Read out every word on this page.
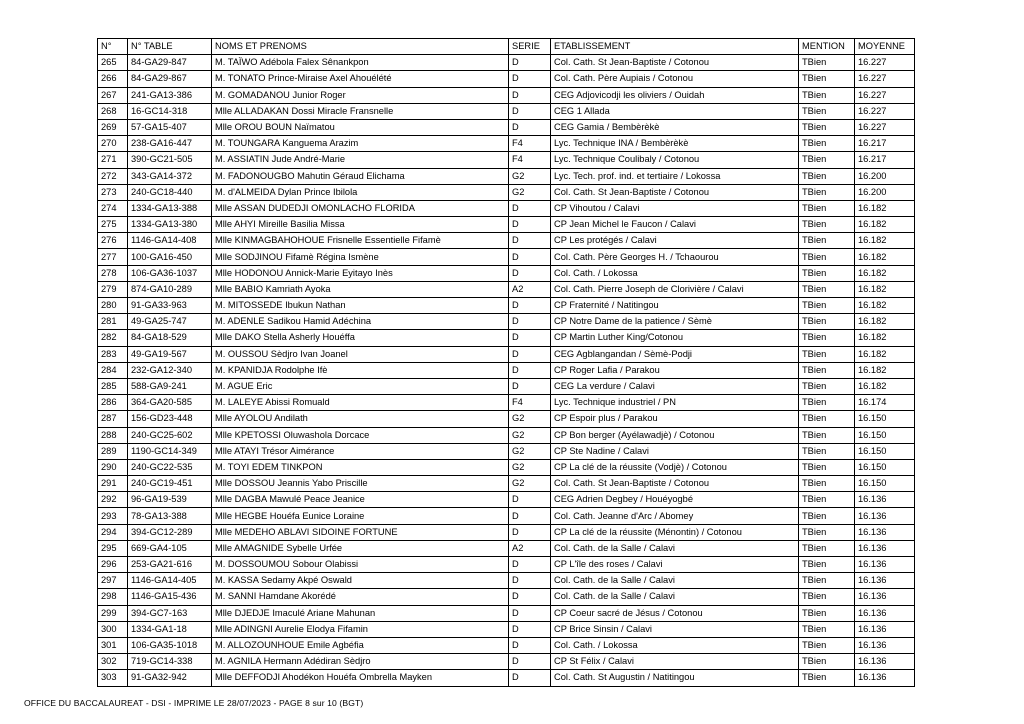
N°	N° TABLE	NOMS ET PRENOMS	SERIE	ETABLISSEMENT	MENTION	MOYENNE
265	84-GA29-847	M. TAÏWO Adébola Falex Sênankpon	D	Col. Cath. St Jean-Baptiste / Cotonou	TBien	16.227
266	84-GA29-867	M. TONATO Prince-Miraise Axel Ahouélété	D	Col. Cath. Père Aupiais / Cotonou	TBien	16.227
267	241-GA13-386	M. GOMADANOU Junior Roger	D	CEG Adjovicodji les oliviers / Ouidah	TBien	16.227
268	16-GC14-318	Mlle ALLADAKAN Dossi Miracle Fransnelle	D	CEG 1 Allada	TBien	16.227
269	57-GA15-407	Mlle OROU BOUN Naïmatou	D	CEG Gamia / Bembèrèkè	TBien	16.227
270	238-GA16-447	M. TOUNGARA Kanguema Arazim	F4	Lyc. Technique INA / Bembèrèkè	TBien	16.217
271	390-GC21-505	M. ASSIATIN Jude André-Marie	F4	Lyc. Technique Coulibaly / Cotonou	TBien	16.217
272	343-GA14-372	M. FADONOUGBO Mahutin Géraud Elichama	G2	Lyc. Tech. prof. ind. et tertiaire / Lokossa	TBien	16.200
273	240-GC18-440	M. d'ALMEIDA Dylan Prince Ibilola	G2	Col. Cath. St Jean-Baptiste / Cotonou	TBien	16.200
274	1334-GA13-388	Mlle ASSAN DUDEDJI OMONLACHO FLORIDA	D	CP Vihoutou / Calavi	TBien	16.182
275	1334-GA13-380	Mlle AHYI Mireille Basilia Missa	D	CP Jean Michel le Faucon / Calavi	TBien	16.182
276	1146-GA14-408	Mlle KINMAGBAHOHOUE Frisnelle Essentielle Fifamè	D	CP Les protégés / Calavi	TBien	16.182
277	100-GA16-450	Mlle SODJINOU Fifamè Régina Ismène	D	Col. Cath. Père Georges H. / Tchaourou	TBien	16.182
278	106-GA36-1037	Mlle HODONOU Annick-Marie Eyitayo Inès	D	Col. Cath. / Lokossa	TBien	16.182
279	874-GA10-289	Mlle BABIO Kamriath Ayoka	A2	Col. Cath. Pierre Joseph de Clorivière / Calavi	TBien	16.182
280	91-GA33-963	M. MITOSSEDE Ibukun Nathan	D	CP Fraternité / Natitingou	TBien	16.182
281	49-GA25-747	M. ADENLE Sadikou Hamid Adéchina	D	CP Notre Dame de la patience / Sèmè	TBien	16.182
282	84-GA18-529	Mlle DAKO Stella Asherly Houéffa	D	CP Martin Luther King/Cotonou	TBien	16.182
283	49-GA19-567	M. OUSSOU Sèdjro Ivan Joanel	D	CEG Agblangandan / Sèmè-Podji	TBien	16.182
284	232-GA12-340	M. KPANIDJA Rodolphe Ifè	D	CP Roger Lafia / Parakou	TBien	16.182
285	588-GA9-241	M. AGUE Eric	D	CEG La verdure / Calavi	TBien	16.182
286	364-GA20-585	M. LALEYE Abissi Romuald	F4	Lyc. Technique industriel / PN	TBien	16.174
287	156-GD23-448	Mlle AYOLOU Andilath	G2	CP Espoir plus / Parakou	TBien	16.150
288	240-GC25-602	Mlle KPETOSSI Oluwashola Dorcace	G2	CP Bon berger (Ayélawadjè) / Cotonou	TBien	16.150
289	1190-GC14-349	Mlle ATAYI Trésor Aimérance	G2	CP Ste Nadine / Calavi	TBien	16.150
290	240-GC22-535	M. TOYI EDEM TINKPON	G2	CP La clé de la réussite (Vodjè) / Cotonou	TBien	16.150
291	240-GC19-451	Mlle DOSSOU Jeannis Yabo Priscille	G2	Col. Cath. St Jean-Baptiste / Cotonou	TBien	16.150
292	96-GA19-539	Mlle DAGBA Mawulé Peace Jeanice	D	CEG Adrien Degbey / Houéyogbé	TBien	16.136
293	78-GA13-388	Mlle HEGBE Houéfa Eunice Loraine	D	Col. Cath. Jeanne d'Arc / Abomey	TBien	16.136
294	394-GC12-289	Mlle MEDEHO ABLAVI SIDOINE FORTUNE	D	CP La clé de la réussite (Ménontin) / Cotonou	TBien	16.136
295	669-GA4-105	Mlle AMAGNIDE Sybelle Urfée	A2	Col. Cath. de la Salle / Calavi	TBien	16.136
296	253-GA21-616	M. DOSSOUMOU Sobour Olabissi	D	CP L'île des roses / Calavi	TBien	16.136
297	1146-GA14-405	M. KASSA Sedamy Akpé Oswald	D	Col. Cath. de la Salle / Calavi	TBien	16.136
298	1146-GA15-436	M. SANNI Hamdane Akorédé	D	Col. Cath. de la Salle / Calavi	TBien	16.136
299	394-GC7-163	Mlle DJEDJE Imaculé Ariane Mahunan	D	CP Coeur sacré de Jésus / Cotonou	TBien	16.136
300	1334-GA1-18	Mlle ADINGNI Aurelie Elodya Fifamin	D	CP Brice Sinsin / Calavi	TBien	16.136
301	106-GA35-1018	M. ALLOZOUNHOUE Emile Agbéfia	D	Col. Cath. / Lokossa	TBien	16.136
302	719-GC14-338	M. AGNILA Hermann Adédiran Sèdjro	D	CP St Félix / Calavi	TBien	16.136
303	91-GA32-942	Mlle DEFFODJI Ahodékon Houéfa Ombrella Mayken	D	Col. Cath. St Augustin / Natitingou	TBien	16.136
OFFICE DU BACCALAUREAT - DSI - IMPRIME LE 28/07/2023 - PAGE 8 sur 10 (BGT)
